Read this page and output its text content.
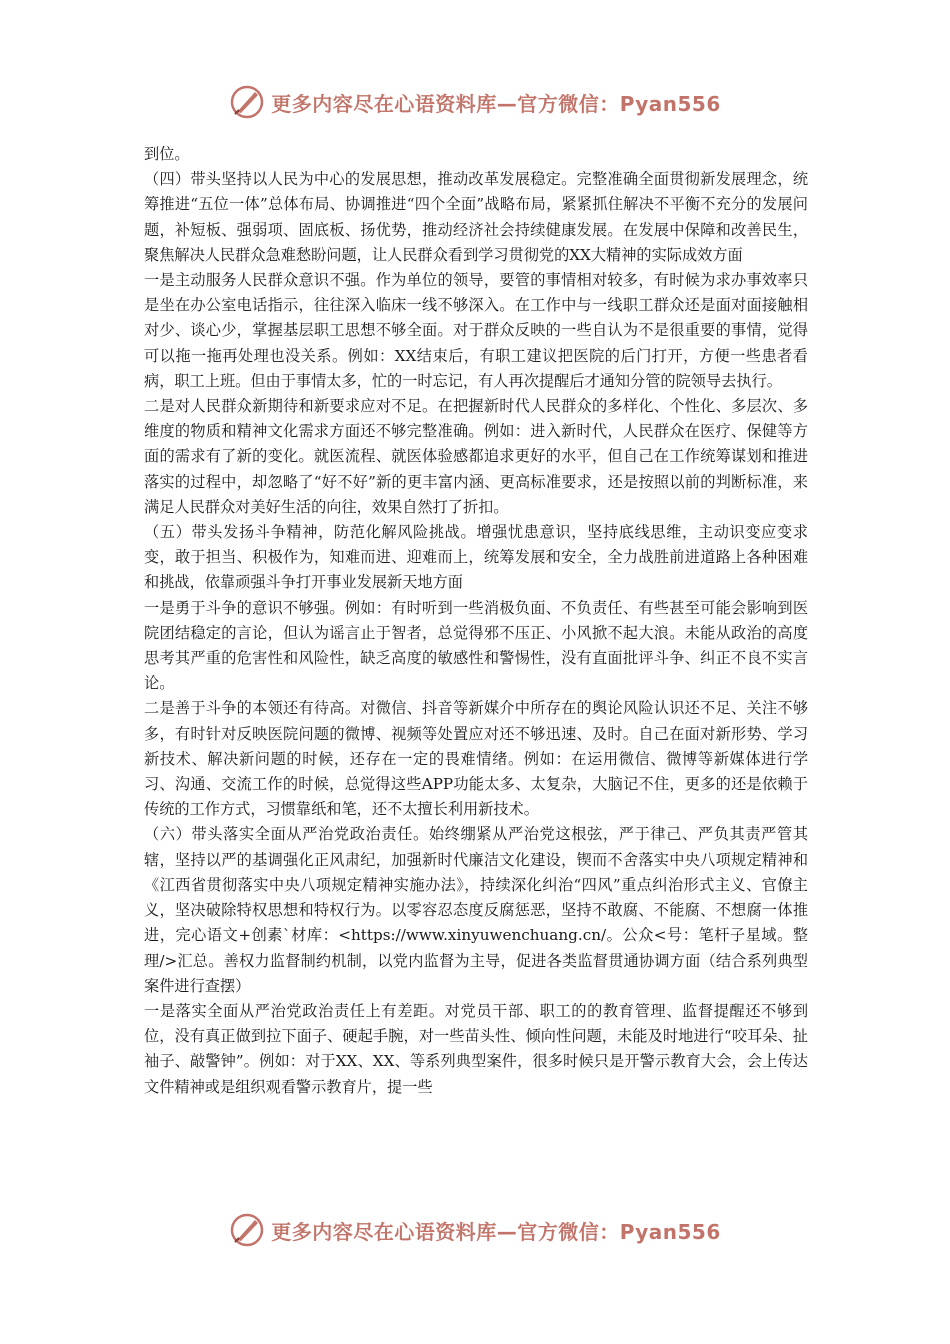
更多内容尽在心语资料库—官方微信：Pyan556

到位。

（四）带头坚持以人民为中心的发展思想，推动改革发展稳定。完整准确全面贯彻新发展理念，统筹推进“五位一体”总体布局、协调推进“四个全面”战略布局，紧紧抓住解决不平衡不充分的发展问题，补短板、强弱项、固底板、扬优势，推动经济社会持续健康发展。在发展中保障和改善民生，聚焦解决人民群众急难愁盼问题，让人民群众看到学习贯彻党的XX大精神的实际成效方面

一是主动服务人民群众意识不强。作为单位的领导，要管的事情相对较多，有时候为求办事效率只是坐在办公室电话指示，往往深入临床一线不够深入。在工作中与一线职工群众还是面对面接触相对少、谈心少，掌握基层职工思想不够全面。对于群众反映的一些自认为不是很重要的事情，觉得可以拖一拖再处理也没关系。例如：XX结束后，有职工建议把医院的后门打开，方便一些患者看病，职工上班。但由于事情太多，忙的一时忘记，有人再次提醒后才通知分管的院领导去执行。

二是对人民群众新期待和新要求应对不足。在把握新时代人民群众的多样化、个性化、多层次、多维度的物质和精神文化需求方面还不够完整准确。例如：进入新时代，人民群众在医疗、保健等方面的需求有了新的变化。就医流程、就医体验感都追求更好的水平，但自己在工作统筹谋划和推进落实的过程中，却忽略了“好不好”新的更丰富内涵、更高标准要求，还是按照以前的判断标准，来满足人民群众对美好生活的向往，效果自然打了折扣。

（五）带头发扬斗争精神，防范化解风险挑战。增强忧患意识，坚持底线思维，主动识变应变求变，敢于担当、积极作为，知难而进、迎难而上，统筹发展和安全，全力战胜前进道路上各种困难和挑战，依靠顽强斗争打开事业发展新天地方面

一是勇于斗争的意识不够强。例如：有时听到一些消极负面、不负责任、有些甚至可能会影响到医院团结稳定的言论，但认为谣言止于智者，总觉得邪不压正、小风掀不起大浪。未能从政治的高度思考其严重的危害性和风险性，缺乏高度的敏感性和警惕性，没有直面批评斗争、纠正不良不实言论。

二是善于斗争的本领还有待高。对微信、抖音等新媒介中所存在的舆论风险认识还不足、关注不够多，有时针对反映医院问题的微博、视频等处置应对还不够迅速、及时。自己在面对新形势、学习新技术、解决新问题的时候，还存在一定的畏难情绪。例如：在运用微信、微博等新媒体进行学习、沟通、交流工作的时候，总觉得这些APP功能太多、太复杂，大脑记不住，更多的还是依赖于传统的工作方式，习惯靠纸和笔，还不太擅长利用新技术。

（六）带头落实全面从严治党政治责任。始终绷紧从严治党这根弦，严于律己、严负其责严管其辖，坚持以严的基调强化正风肃纪，加强新时代廉洁文化建设，锲而不舍落实中央八项规定精神和《江西省贯彻落实中央八项规定精神实施办法》，持续深化纠治“四风”重点纠治形式主义、官僚主义，坚决破除特权思想和特权行为。以零容忍态度反腐惩恶，坚持不敢腐、不能腐、不想腐一体推进，完心语文+创素`材库：<https://www.xinyuwenchuang.cn/。公众<号：笔杆子星域。整理/>汇总。善权力监督制约机制，以党内监督为主导，促进各类监督贯通协调方面（结合系列典型案件进行查摆）

一是落实全面从严治党政治责任上有差距。对党员干部、职工的的教育管理、监督提醒还不够到位，没有真正做到拉下面子、硬起手腕，对一些苗头性、倾向性问题，未能及时地进行“咬耳朵、扯袖子、敲警钟”。例如：对于XX、XX、等系列典型案件，很多时候只是开警示教育大会，会上传达文件精神或是组织观看警示教育片，提一些

更多内容尽在心语资料库—官方微信：Pyan556
